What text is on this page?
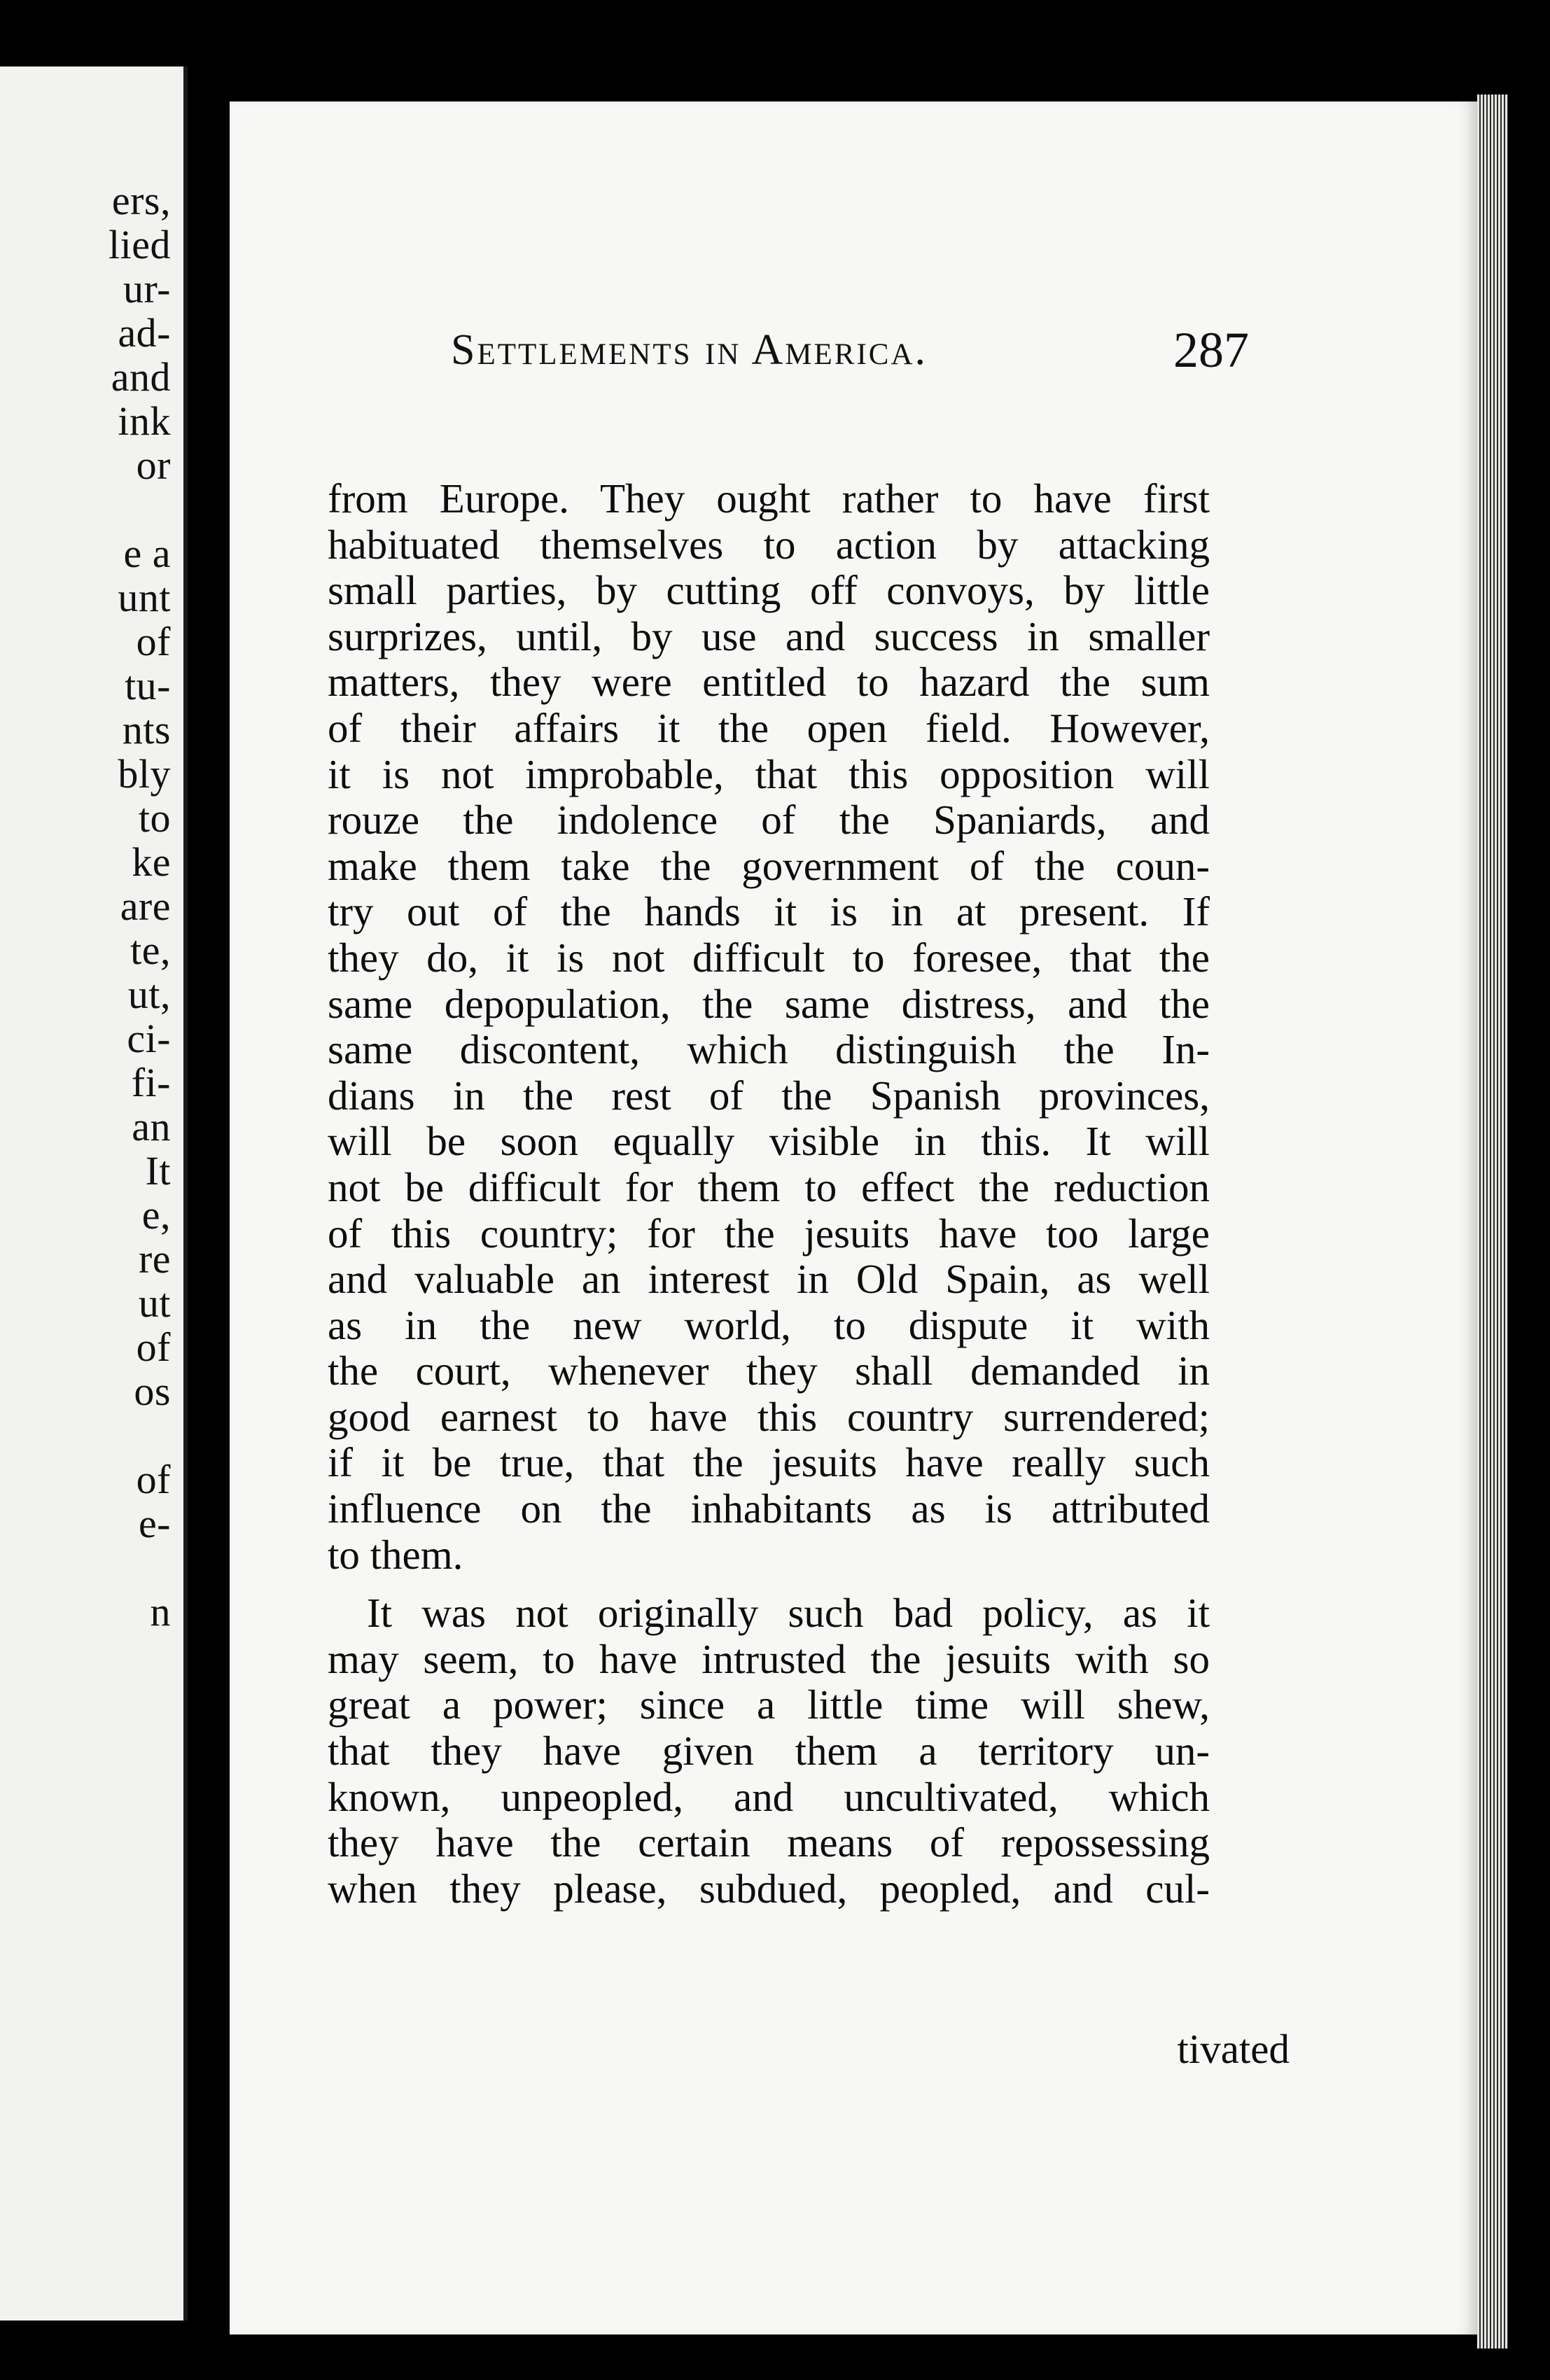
ers,
lied
ur-
ad-
and
ink
or
e a
unt
of
tu-
nts
bly
to
ke
are
te,
ut,
ci-
fi-
an
It
e,
re
ut
of
os
of
e-
n
Settlements in America.	287
from Europe. They ought rather to have first
habituated themselves to action by attacking
small parties, by cutting off convoys, by little
surprizes, until, by use and success in smaller
matters, they were entitled to hazard the sum
of their affairs it the open field. However,
it is not improbable, that this opposition will
rouze the indolence of the Spaniards, and
make them take the government of the coun-
try out of the hands it is in at present. If
they do, it is not difficult to foresee, that the
same depopulation, the same distress, and the
same discontent, which distinguish the In-
dians in the rest of the Spanish provinces,
will be soon equally visible in this. It will
not be difficult for them to effect the reduction
of this country; for the jesuits have too large
and valuable an interest in Old Spain, as well
as in the new world, to dispute it with
the court, whenever they shall demanded in
good earnest to have this country surrendered;
if it be true, that the jesuits have really such
influence on the inhabitants as is attributed
to them.
It was not originally such bad policy, as it
may seem, to have intrusted the jesuits with so
great a power; since a little time will shew,
that they have given them a territory un-
known, unpeopled, and uncultivated, which
they have the certain means of repossessing
when they please, subdued, peopled, and cul-
tivated
